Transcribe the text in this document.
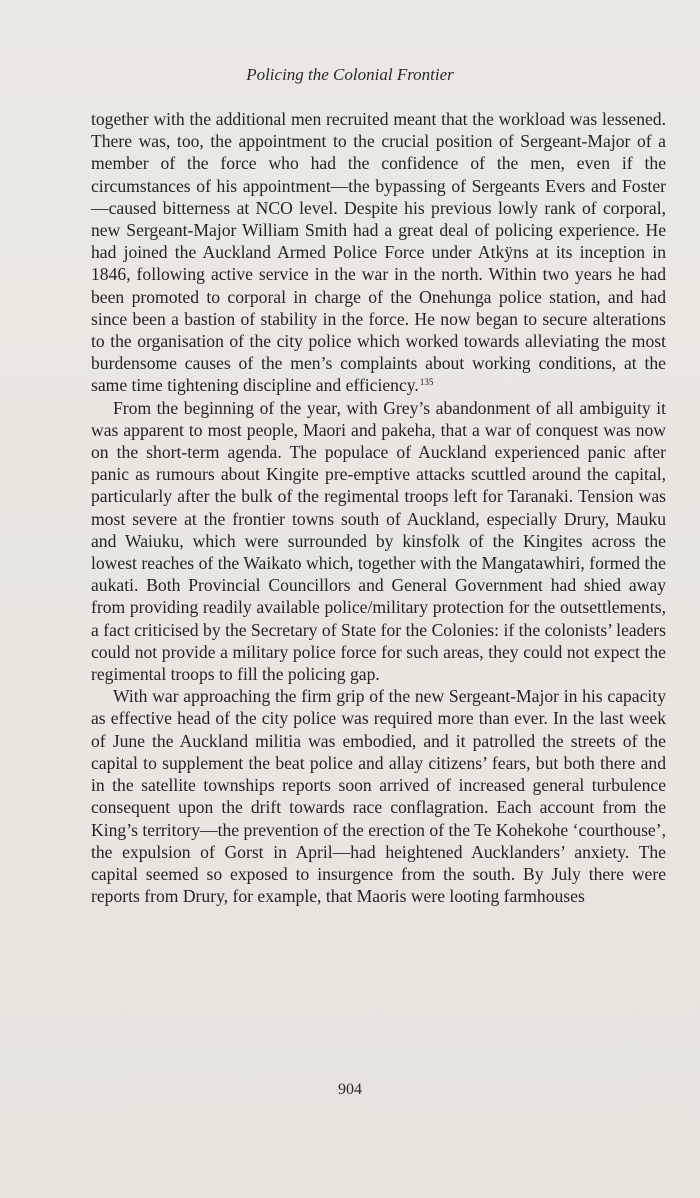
Policing the Colonial Frontier

together with the additional men recruited meant that the workload was lessened. There was, too, the appointment to the crucial position of Sergeant-Major of a member of the force who had the confidence of the men, even if the circumstances of his appointment—the bypassing of Sergeants Evers and Foster—caused bitterness at NCO level. Despite his previous lowly rank of corporal, new Sergeant-Major William Smith had a great deal of policing experience. He had joined the Auckland Armed Police Force under Atkÿns at its inception in 1846, following active service in the war in the north. Within two years he had been promoted to corporal in charge of the Onehunga police station, and had since been a bastion of stability in the force. He now began to secure alterations to the organisation of the city police which worked towards alleviating the most burdensome causes of the men’s complaints about working conditions, at the same time tightening discipline and efficiency.$^{135}$

From the beginning of the year, with Grey’s abandonment of all ambiguity it was apparent to most people, Maori and pakeha, that a war of conquest was now on the short-term agenda. The populace of Auckland experienced panic after panic as rumours about Kingite pre-emptive attacks scuttled around the capital, particularly after the bulk of the regimental troops left for Taranaki. Tension was most severe at the frontier towns south of Auckland, especially Drury, Mauku and Waiuku, which were surrounded by kinsfolk of the Kingites across the lowest reaches of the Waikato which, together with the Mangatawhiri, formed the aukati. Both Provincial Councillors and General Government had shied away from providing readily available police/military protection for the outsettlements, a fact criticised by the Secretary of State for the Colonies: if the colonists’ leaders could not provide a military police force for such areas, they could not expect the regimental troops to fill the policing gap.

With war approaching the firm grip of the new Sergeant-Major in his capacity as effective head of the city police was required more than ever. In the last week of June the Auckland militia was embodied, and it patrolled the streets of the capital to supplement the beat police and allay citizens’ fears, but both there and in the satellite townships reports soon arrived of increased general turbulence consequent upon the drift towards race conflagration. Each account from the King’s territory—the prevention of the erection of the Te Kohekohe ‘courthouse’, the expulsion of Gorst in April—had heightened Aucklanders’ anxiety. The capital seemed so exposed to insurgence from the south. By July there were reports from Drury, for example, that Maoris were looting farmhouses

904
